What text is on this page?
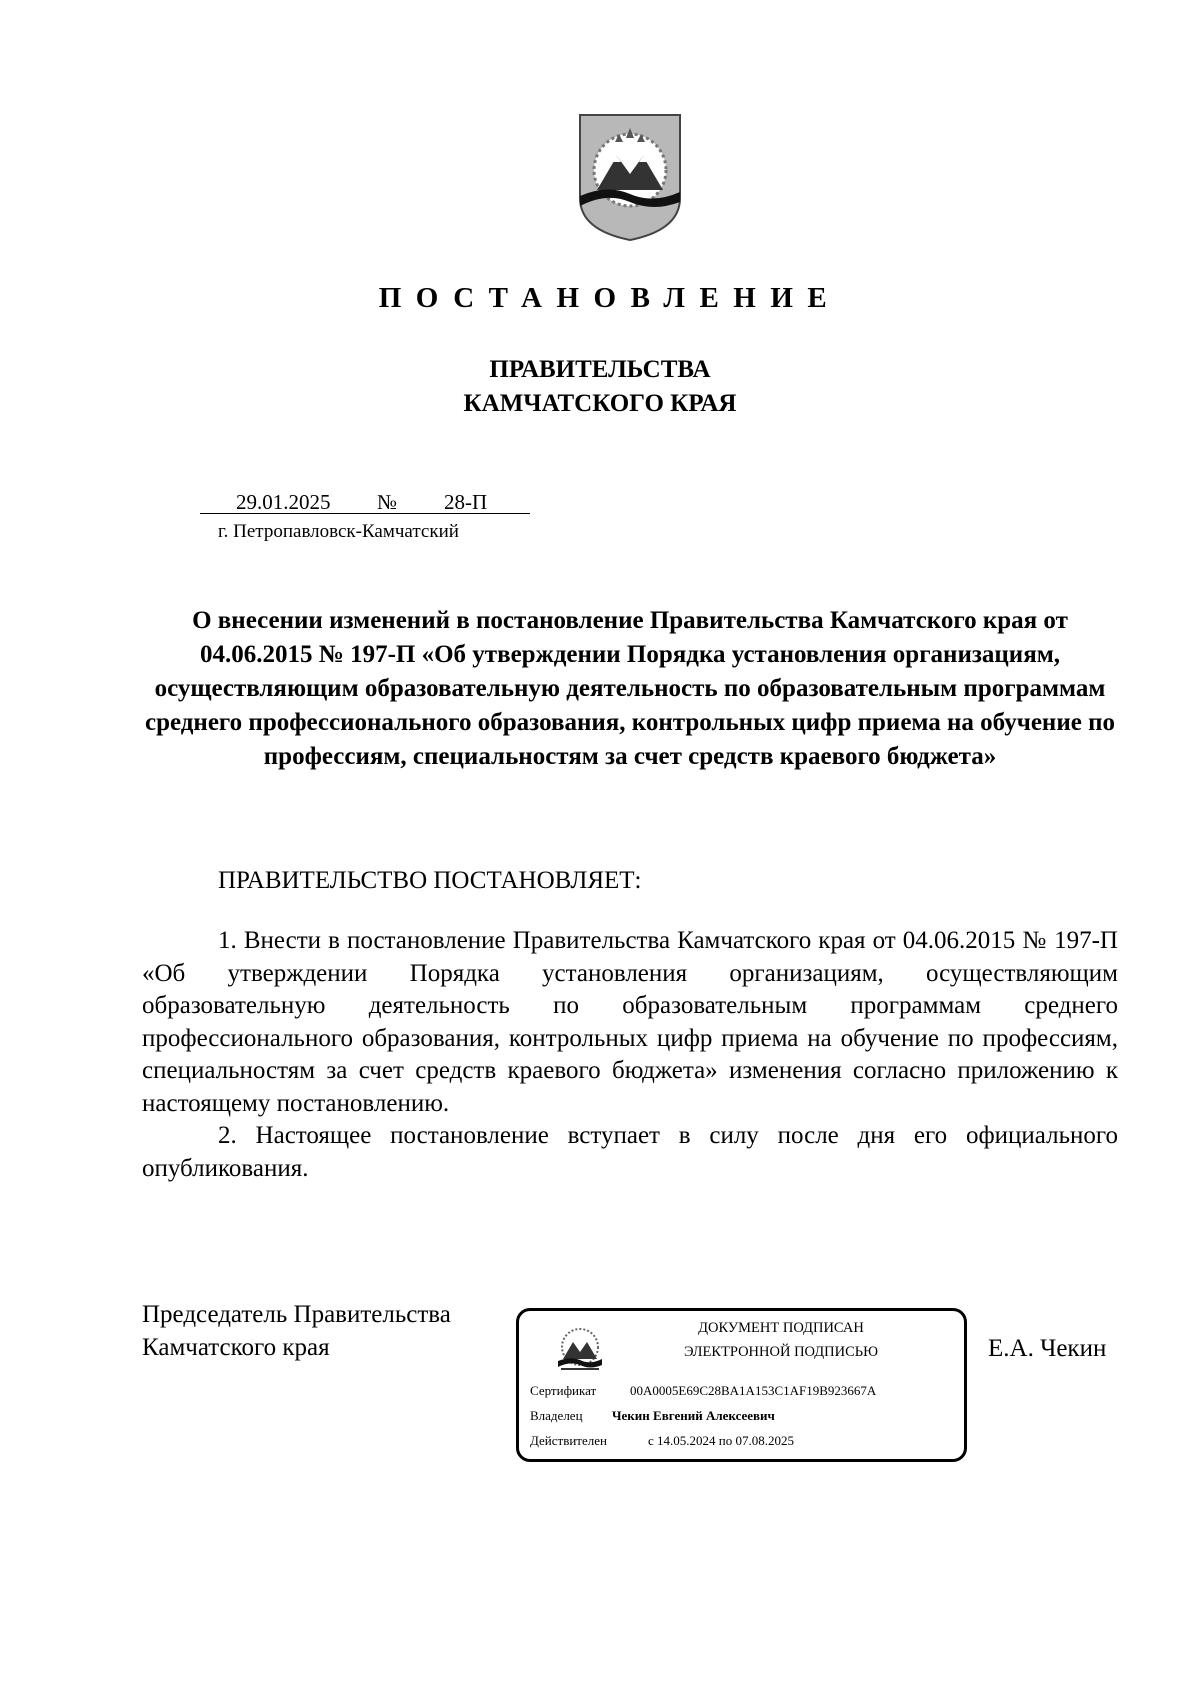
ПОСТАНОВЛЕНИЕ
ПРАВИТЕЛЬСТВА
КАМЧАТСКОГО КРАЯ
29.01.2025 № 28-П
г. Петропавловск-Камчатский
О внесении изменений в постановление Правительства Камчатского края от 04.06.2015 № 197-П «Об утверждении Порядка установления организациям, осуществляющим образовательную деятельность по образовательным программам среднего профессионального образования, контрольных цифр приема на обучение по профессиям, специальностям за счет средств краевого бюджета»
ПРАВИТЕЛЬСТВО ПОСТАНОВЛЯЕТ:

1. Внести в постановление Правительства Камчатского края от 04.06.2015 № 197-П «Об утверждении Порядка установления организациям, осуществляющим образовательную деятельность по образовательным программам среднего профессионального образования, контрольных цифр приема на обучение по профессиям, специальностям за счет средств краевого бюджета» изменения согласно приложению к настоящему постановлению.

2. Настоящее постановление вступает в силу после дня его официального опубликования.

Председатель Правительства
Камчатского края
ДОКУМЕНТ ПОДПИСАН
ЭЛЕКТРОННОЙ ПОДПИСЬЮ
Сертификат	00A0005E69C28BA1A153C1AF19B923667A
Владелец Чекин Евгений Алексеевич
Действителен	с 14.05.2024 по 07.08.2025
Е.А. Чекин
